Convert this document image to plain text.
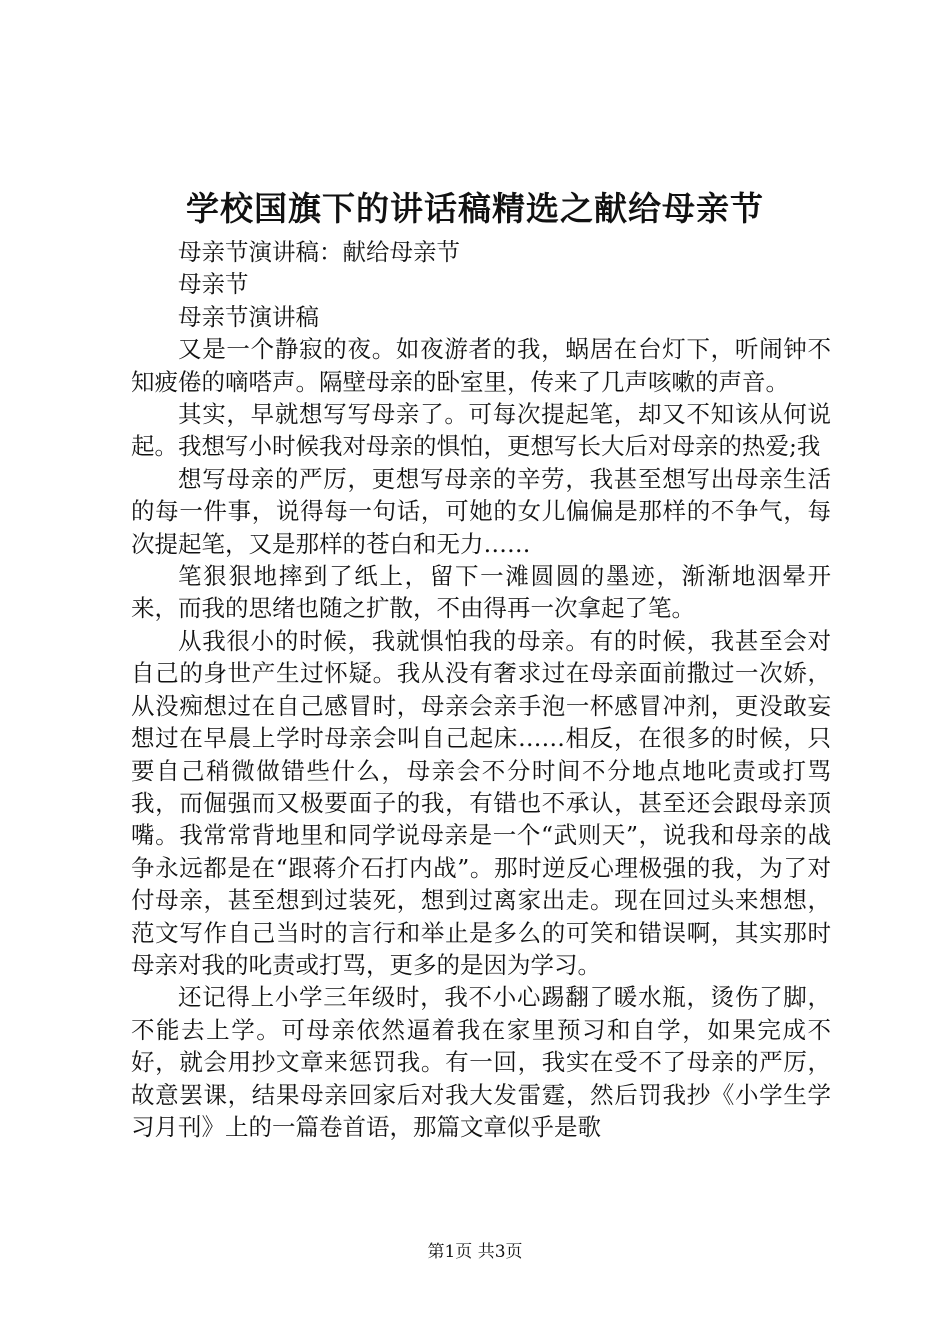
学校国旗下的讲话稿精选之献给母亲节

母亲节演讲稿：献给母亲节

母亲节

母亲节演讲稿

又是一个静寂的夜。如夜游者的我，蜗居在台灯下，听闹钟不知疲倦的嘀嗒声。隔壁母亲的卧室里，传来了几声咳嗽的声音。

其实，早就想写写母亲了。可每次提起笔，却又不知该从何说起。我想写小时候我对母亲的惧怕，更想写长大后对母亲的热爱;我

想写母亲的严厉，更想写母亲的辛劳，我甚至想写出母亲生活的每一件事，说得每一句话，可她的女儿偏偏是那样的不争气，每次提起笔，又是那样的苍白和无力……

笔狠狠地摔到了纸上，留下一滩圆圆的墨迹，渐渐地洇晕开来，而我的思绪也随之扩散，不由得再一次拿起了笔。

从我很小的时候，我就惧怕我的母亲。有的时候，我甚至会对自己的身世产生过怀疑。我从没有奢求过在母亲面前撒过一次娇，从没痴想过在自己感冒时，母亲会亲手泡一杯感冒冲剂，更没敢妄想过在早晨上学时母亲会叫自己起床……相反，在很多的时候，只要自己稍微做错些什么，母亲会不分时间不分地点地叱责或打骂我，而倔强而又极要面子的我，有错也不承认，甚至还会跟母亲顶嘴。我常常背地里和同学说母亲是一个“武则天”，说我和母亲的战争永远都是在“跟蒋介石打内战”。那时逆反心理极强的我，为了对付母亲，甚至想到过装死，想到过离家出走。现在回过头来想想，范文写作自己当时的言行和举止是多么的可笑和错误啊，其实那时母亲对我的叱责或打骂，更多的是因为学习。

还记得上小学三年级时，我不小心踢翻了暖水瓶，烫伤了脚，不能去上学。可母亲依然逼着我在家里预习和自学，如果完成不好，就会用抄文章来惩罚我。有一回，我实在受不了母亲的严厉，故意罢课，结果母亲回家后对我大发雷霆，然后罚我抄《小学生学习月刊》上的一篇卷首语，那篇文章似乎是歌

第1页 共3页
